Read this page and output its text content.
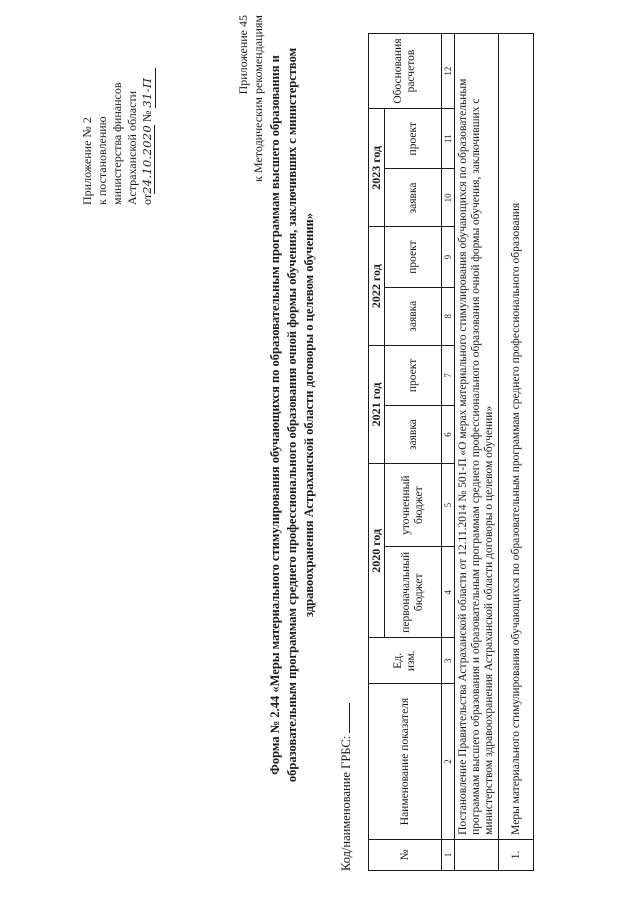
Приложение № 2 к постановлению министерства финансов Астраханской области от24.10.2020 № 31-П	Приложение 45 к Методическим рекомендациям Форма № 2.44 «Меры материального стимулирования обучающихся по образовательным программам высшего образования и образовательным программам среднего профессионального образования очной формы обучения, заключивших с министерством здравоохранения Астраханской области договоры о целевом обучении»
Код/наименование ГРБС:	№	Наименование показателя	Ед. изм.	2020 год		2021 год		2022 год		2023 год		Обоснования расчетов
			первоначальный бюджет	уточненный бюджет	заявка	проект	заявка	проект	заявка	проект	
1	2	3	4	5	6	7	8	9	10	11	12
	Постановление Правительства Астраханской области от 12.11.2014 № 501-П «О мерах материального стимулирования обучающихся по образовательным программам высшего образования и образовательным программам среднего профессионального образования очной формы обучения, заключивших с министерством здравоохранения Астраханской области договоры о целевом обучении»										
1.	Меры материального стимулирования обучающихся по образовательным программам среднего профессионального образования										
